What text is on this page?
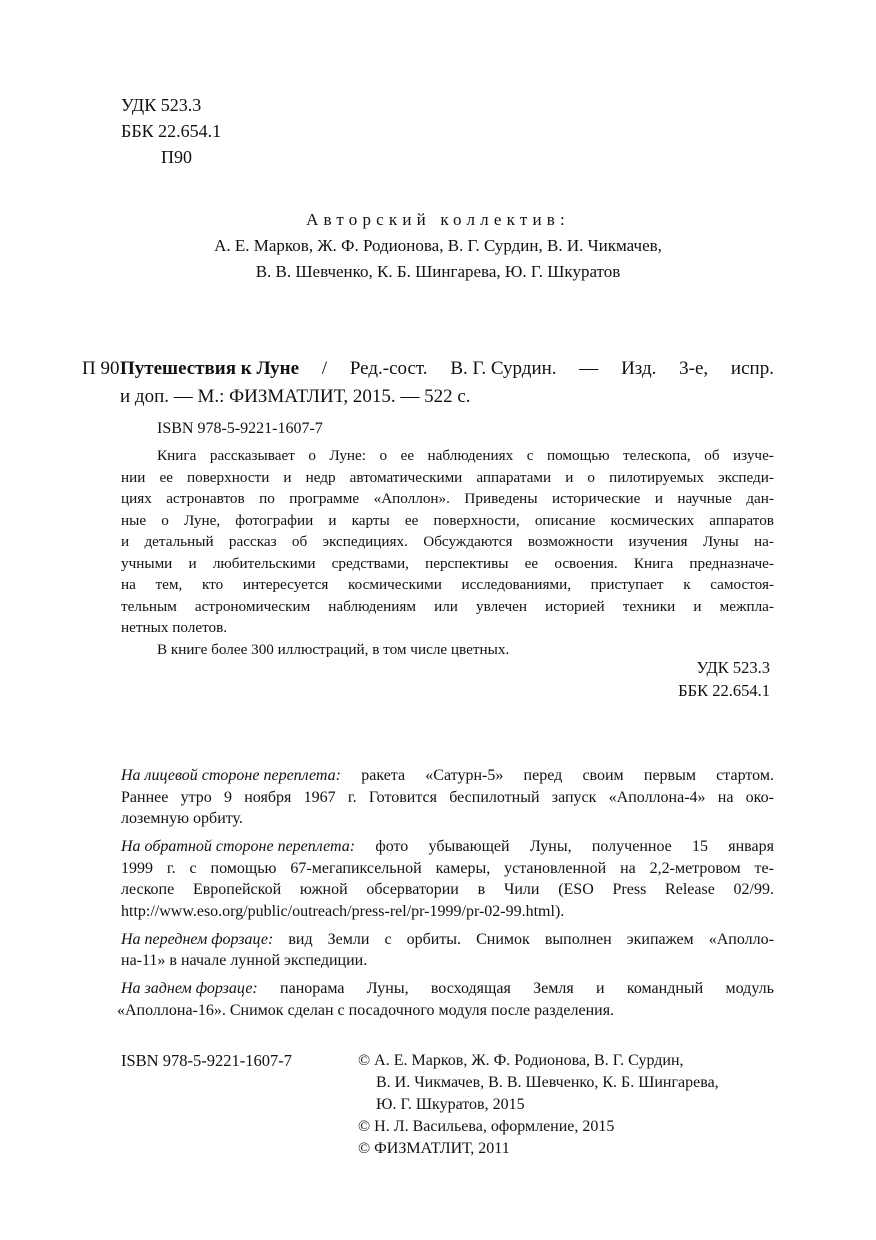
УДК 523.3
ББК 22.654.1
П90
Авторский коллектив:
А. Е. Марков, Ж. Ф. Родионова, В. Г. Сурдин, В. И. Чикмачев,
В. В. Шевченко, К. Б. Шингарева, Ю. Г. Шкуратов
П 90 Путешествия к Луне / Ред.-сост. В. Г. Сурдин. — Изд. 3-е, испр.
и доп. — М.: ФИЗМАТЛИТ, 2015. — 522 с.
ISBN 978-5-9221-1607-7
Книга рассказывает о Луне: о ее наблюдениях с помощью телескопа, об изуче-
нии ее поверхности и недр автоматическими аппаратами и о пилотируемых экспеди-
циях астронавтов по программе «Аполлон». Приведены исторические и научные дан-
ные о Луне, фотографии и карты ее поверхности, описание космических аппаратов
и детальный рассказ об экспедициях. Обсуждаются возможности изучения Луны на-
учными и любительскими средствами, перспективы ее освоения. Книга предназначе-
на тем, кто интересуется космическими исследованиями, приступает к самостоя-
тельным астрономическим наблюдениям или увлечен историей техники и межпла-
нетных полетов.
В книге более 300 иллюстраций, в том числе цветных.
УДК 523.3
ББК 22.654.1
На лицевой стороне переплета: ракета «Сатурн-5» перед своим первым стартом.
Раннее утро 9 ноября 1967 г. Готовится беспилотный запуск «Аполлона-4» на око-
лоземную орбиту.
На обратной стороне переплета: фото убывающей Луны, полученное 15 января
1999 г. с помощью 67-мегапиксельной камеры, установленной на 2,2-метровом те-
лескопе Европейской южной обсерватории в Чили (ESO Press Release 02/99.
http://www.eso.org/public/outreach/press-rel/pr-1999/pr-02-99.html).
На переднем форзаце: вид Земли с орбиты. Снимок выполнен экипажем «Аполло-
на-11» в начале лунной экспедиции.
На заднем форзаце: панорама Луны, восходящая Земля и командный модуль
«Аполлона-16». Снимок сделан с посадочного модуля после разделения.
ISBN 978-5-9221-1607-7	© А. Е. Марков, Ж. Ф. Родионова, В. Г. Сурдин,
В. И. Чикмачев, В. В. Шевченко, К. Б. Шингарева,
Ю. Г. Шкуратов, 2015
© Н. Л. Васильева, оформление, 2015
© ФИЗМАТЛИТ, 2011
